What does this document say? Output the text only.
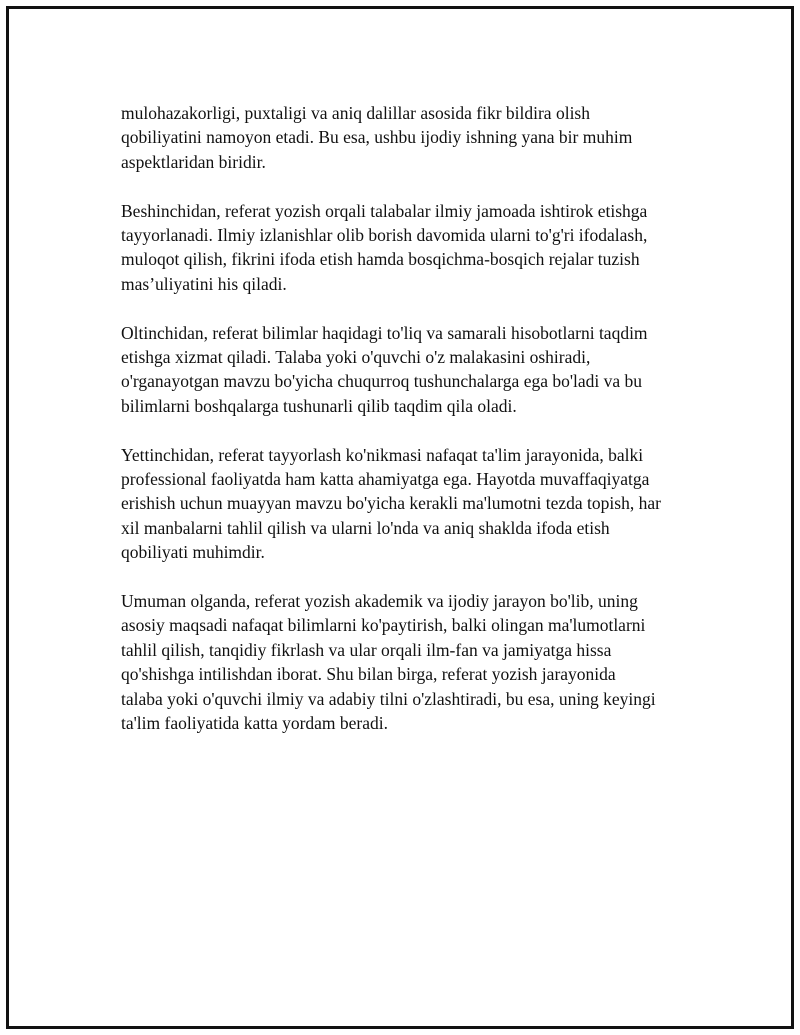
mulohazakorligi, puxtaligi va aniq dalillar asosida fikr bildira olish
qobiliyatini namoyon etadi. Bu esa, ushbu ijodiy ishning yana bir muhim
aspektlaridan biridir.

Beshinchidan, referat yozish orqali talabalar ilmiy jamoada ishtirok etishga
tayyorlanadi. Ilmiy izlanishlar olib borish davomida ularni to'g'ri ifodalash,
muloqot qilish, fikrini ifoda etish hamda bosqichma-bosqich rejalar tuzish
mas’uliyatini his qiladi.

Oltinchidan, referat bilimlar haqidagi to'liq va samarali hisobotlarni taqdim
etishga xizmat qiladi. Talaba yoki o'quvchi o'z malakasini oshiradi,
o'rganayotgan mavzu bo'yicha chuqurroq tushunchalarga ega bo'ladi va bu
bilimlarni boshqalarga tushunarli qilib taqdim qila oladi.

Yettinchidan, referat tayyorlash ko'nikmasi nafaqat ta'lim jarayonida, balki
professional faoliyatda ham katta ahamiyatga ega. Hayotda muvaffaqiyatga
erishish uchun muayyan mavzu bo'yicha kerakli ma'lumotni tezda topish, har
xil manbalarni tahlil qilish va ularni lo'nda va aniq shaklda ifoda etish
qobiliyati muhimdir.

Umuman olganda, referat yozish akademik va ijodiy jarayon bo'lib, uning
asosiy maqsadi nafaqat bilimlarni ko'paytirish, balki olingan ma'lumotlarni
tahlil qilish, tanqidiy fikrlash va ular orqali ilm-fan va jamiyatga hissa
qo'shishga intilishdan iborat. Shu bilan birga, referat yozish jarayonida
talaba yoki o'quvchi ilmiy va adabiy tilni o'zlashtiradi, bu esa, uning keyingi
ta'lim faoliyatida katta yordam beradi.
